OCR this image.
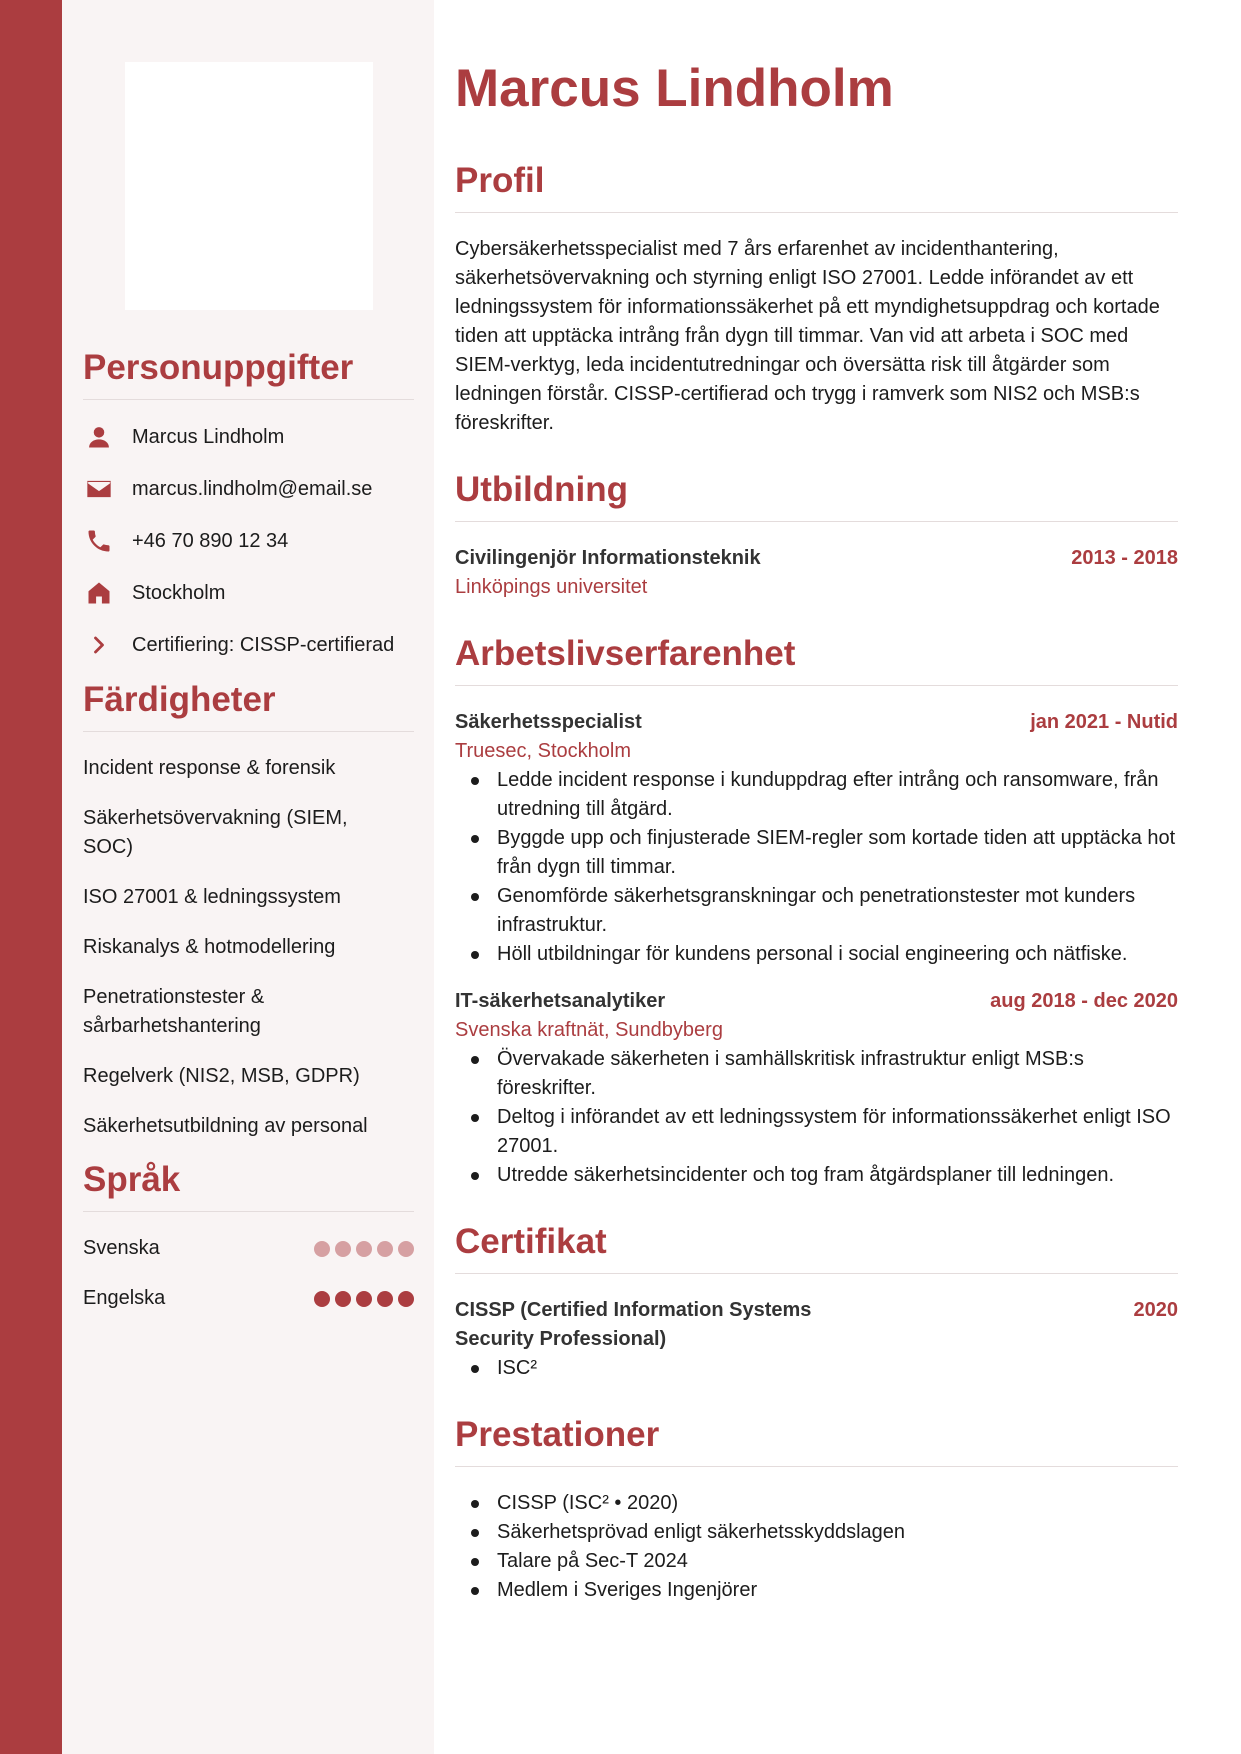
Personuppgifter
Marcus Lindholm
marcus.lindholm@email.se
+46 70 890 12 34
Stockholm
Certifiering: CISSP-certifierad
Färdigheter
Incident response & forensik
Säkerhetsövervakning (SIEM, SOC)
ISO 27001 & ledningssystem
Riskanalys & hotmodellering
Penetrationstester & sårbarhetshantering
Regelverk (NIS2, MSB, GDPR)
Säkerhetsutbildning av personal
Språk
Svenska
Engelska
Marcus Lindholm
Profil

Cybersäkerhetsspecialist med 7 års erfarenhet av incidenthantering, säkerhetsövervakning och styrning enligt ISO 27001. Ledde införandet av ett ledningssystem för informationssäkerhet på ett myndighetsuppdrag och kortade tiden att upptäcka intrång från dygn till timmar. Van vid att arbeta i SOC med SIEM-verktyg, leda incidentutredningar och översätta risk till åtgärder som ledningen förstår. CISSP-certifierad och trygg i ramverk som NIS2 och MSB:s föreskrifter.

Utbildning
Civilingenjör Informationsteknik	2013 - 2018
Linköpings universitet
Arbetslivserfarenhet
Säkerhetsspecialist	jan 2021 - Nutid
Truesec, Stockholm
Ledde incident response i kunduppdrag efter intrång och ransomware, från utredning till åtgärd.
Byggde upp och finjusterade SIEM-regler som kortade tiden att upptäcka hot från dygn till timmar.
Genomförde säkerhetsgranskningar och penetrationstester mot kunders infrastruktur.
Höll utbildningar för kundens personal i social engineering och nätfiske.
IT-säkerhetsanalytiker	aug 2018 - dec 2020
Svenska kraftnät, Sundbyberg
Övervakade säkerheten i samhällskritisk infrastruktur enligt MSB:s föreskrifter.
Deltog i införandet av ett ledningssystem för informationssäkerhet enligt ISO 27001.
Utredde säkerhetsincidenter och tog fram åtgärdsplaner till ledningen.
Certifikat
CISSP (Certified Information Systems Security Professional)
2020
ISC²
Prestationer
CISSP (ISC² • 2020)
Säkerhetsprövad enligt säkerhetsskyddslagen
Talare på Sec-T 2024
Medlem i Sveriges Ingenjörer
